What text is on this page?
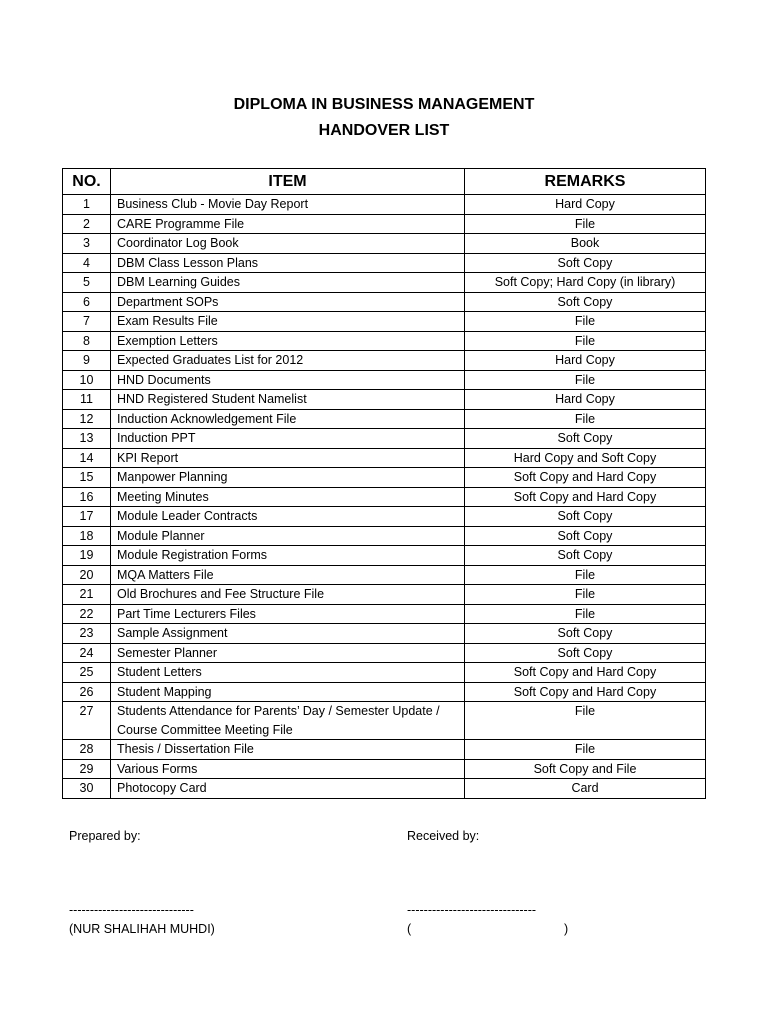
DIPLOMA IN BUSINESS MANAGEMENT
HANDOVER LIST
NO.	ITEM	REMARKS
1	Business Club - Movie Day Report	Hard Copy
2	CARE Programme File	File
3	Coordinator Log Book	Book
4	DBM Class Lesson Plans	Soft Copy
5	DBM Learning Guides	Soft Copy; Hard Copy (in library)
6	Department SOPs	Soft Copy
7	Exam Results File	File
8	Exemption Letters	File
9	Expected Graduates List for 2012	Hard Copy
10	HND Documents	File
11	HND Registered Student Namelist	Hard Copy
12	Induction Acknowledgement File	File
13	Induction PPT	Soft Copy
14	KPI Report	Hard Copy and Soft Copy
15	Manpower Planning	Soft Copy and Hard Copy
16	Meeting Minutes	Soft Copy and Hard Copy
17	Module Leader Contracts	Soft Copy
18	Module Planner	Soft Copy
19	Module Registration Forms	Soft Copy
20	MQA Matters File	File
21	Old Brochures and Fee Structure File	File
22	Part Time Lecturers Files	File
23	Sample Assignment	Soft Copy
24	Semester Planner	Soft Copy
25	Student Letters	Soft Copy and Hard Copy
26	Student Mapping	Soft Copy and Hard Copy
27	Students Attendance for Parents’ Day / Semester Update / Course Committee Meeting File	File
28	Thesis / Dissertation File	File
29	Various Forms	Soft Copy and File
30	Photocopy Card	Card
Prepared by:	Received by:
------------------------------	-------------------------------
(NUR SHALIHAH MUHDI)	(                                            )
